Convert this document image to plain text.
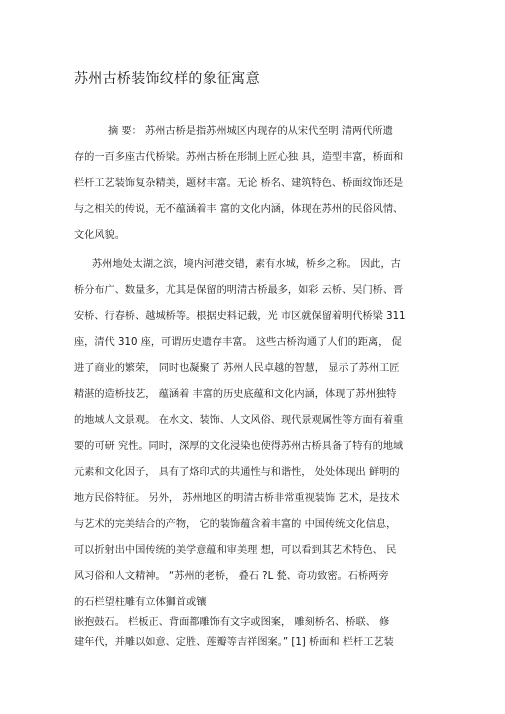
苏州古桥装饰纹样的象征寓意
摘 要： 苏州古桥是指苏州城区内现存的从宋代至明 清两代所遗
存的一百多座古代桥梁。苏州古桥在形制上匠心独 具，造型丰富，桥面和
栏杆工艺装饰复杂精美，题材丰富。无论 桥名、建筑特色、桥面纹饰还是
与之相关的传说，无不蕴涵着丰 富的文化内涵，体现在苏州的民俗风情、
文化风貌。
苏州地处太湖之滨，境内河港交错，素有水城，桥乡之称。 因此，古
桥分布广、数量多，尤其是保留的明清古桥最多，如彩 云桥、吴门桥、晋
安桥、行春桥、越城桥等。根据史料记载，光 市区就保留着明代桥梁 311
座，清代 310 座，可谓历史遗存丰富。 这些古桥沟通了人们的距离， 促
进了商业的繁荣， 同时也凝聚了 苏州人民卓越的智慧， 显示了苏州工匠
精湛的造桥技艺， 蕴涵着 丰富的历史底蕴和文化内涵，体现了苏州独特
的地域人文景观。 在水文、装饰、人文风俗、现代景观属性等方面有着重
要的可研 究性。同时，深厚的文化浸染也使得苏州古桥具备了特有的地域
元素和文化因子， 具有了烙印式的共通性与和谐性， 处处体现出 鲜明的
地方民俗特征。 另外， 苏州地区的明清古桥非常重视装饰 艺术，是技术
与艺术的完美结合的产物， 它的装饰蕴含着丰富的 中国传统文化信息，
可以折射出中国传统的美学意蕴和审美理 想，可以看到其艺术特色、 民
风习俗和人文精神。 “苏州的老桥， 叠石 ?L 甃、奇功致密。石桥两旁
的石栏望柱雕有立体獅首或镶
嵌抱鼓石。 栏板正、背面都雕饰有文字或图案， 雕刻桥名、桥联、 修
建年代，并雕以如意、定胜、莲瓣等吉祥图案。” [1] 桥面和 栏杆工艺装
